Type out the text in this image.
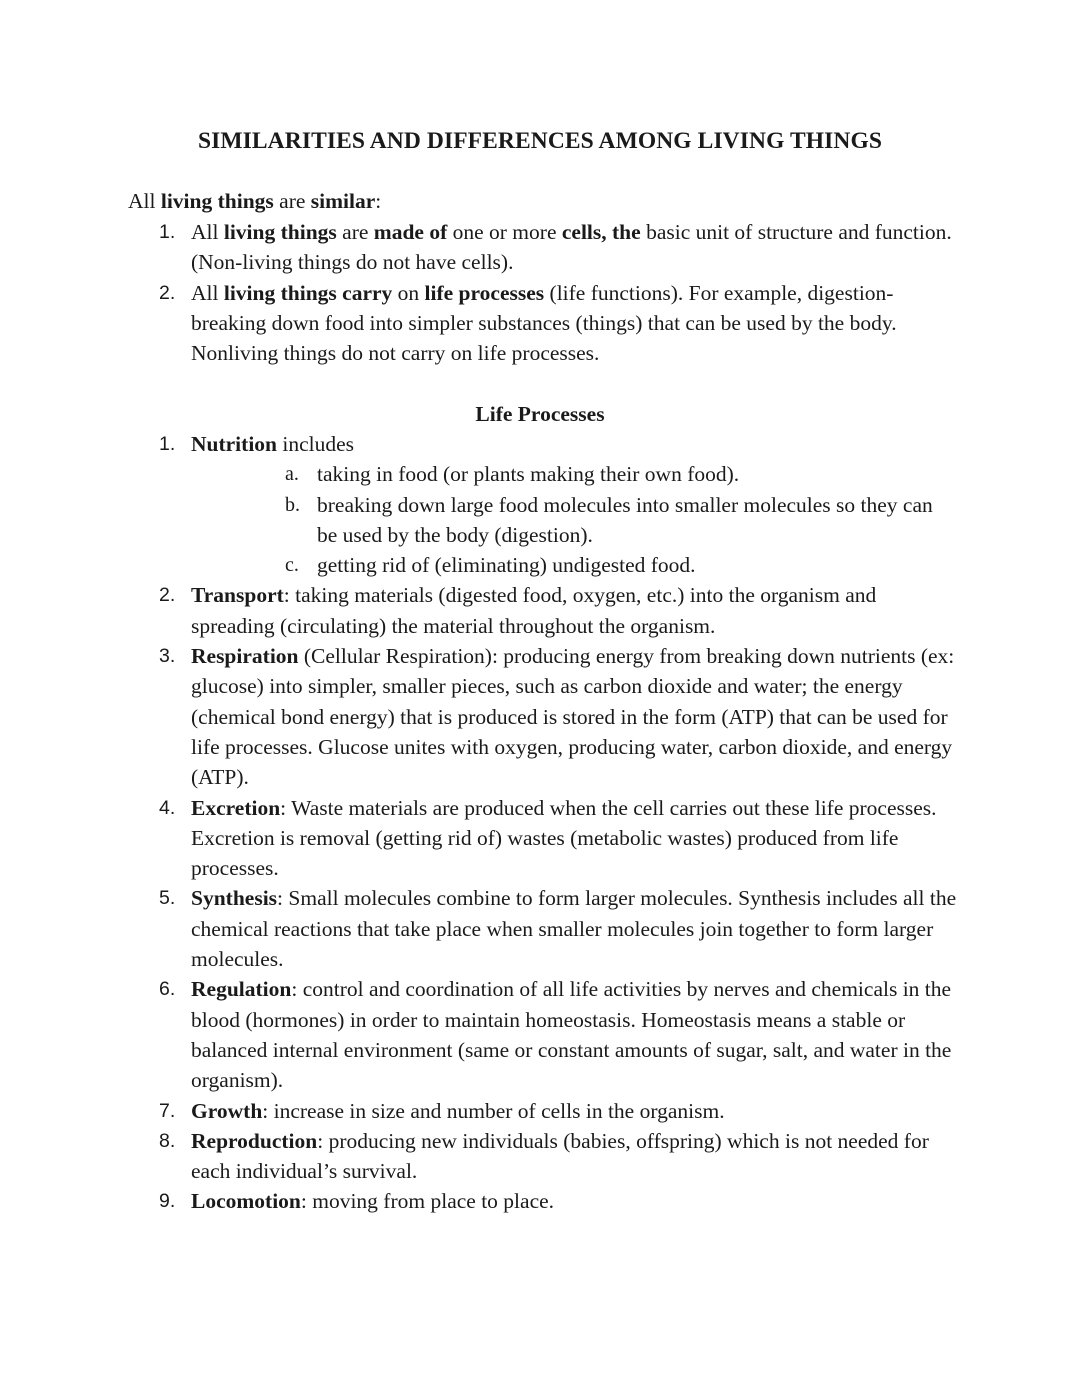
SIMILARITIES AND DIFFERENCES AMONG LIVING THINGS

All living things are similar:

1. All living things are made of one or more cells, the basic unit of structure and function. (Non-living things do not have cells).
2. All living things carry on life processes (life functions). For example, digestion-breaking down food into simpler substances (things) that can be used by the body. Nonliving things do not carry on life processes.
Life Processes
1. Nutrition includes
a. taking in food (or plants making their own food).
b. breaking down large food molecules into smaller molecules so they can be used by the body (digestion).
c. getting rid of (eliminating) undigested food.
2. Transport: taking materials (digested food, oxygen, etc.) into the organism and spreading (circulating) the material throughout the organism.
3. Respiration (Cellular Respiration): producing energy from breaking down nutrients (ex: glucose) into simpler, smaller pieces, such as carbon dioxide and water; the energy (chemical bond energy) that is produced is stored in the form (ATP) that can be used for life processes. Glucose unites with oxygen, producing water, carbon dioxide, and energy (ATP).
4. Excretion: Waste materials are produced when the cell carries out these life processes. Excretion is removal (getting rid of) wastes (metabolic wastes) produced from life processes.
5. Synthesis: Small molecules combine to form larger molecules. Synthesis includes all the chemical reactions that take place when smaller molecules join together to form larger molecules.
6. Regulation: control and coordination of all life activities by nerves and chemicals in the blood (hormones) in order to maintain homeostasis. Homeostasis means a stable or balanced internal environment (same or constant amounts of sugar, salt, and water in the organism).
7. Growth: increase in size and number of cells in the organism.
8. Reproduction: producing new individuals (babies, offspring) which is not needed for each individual’s survival.
9. Locomotion: moving from place to place.
